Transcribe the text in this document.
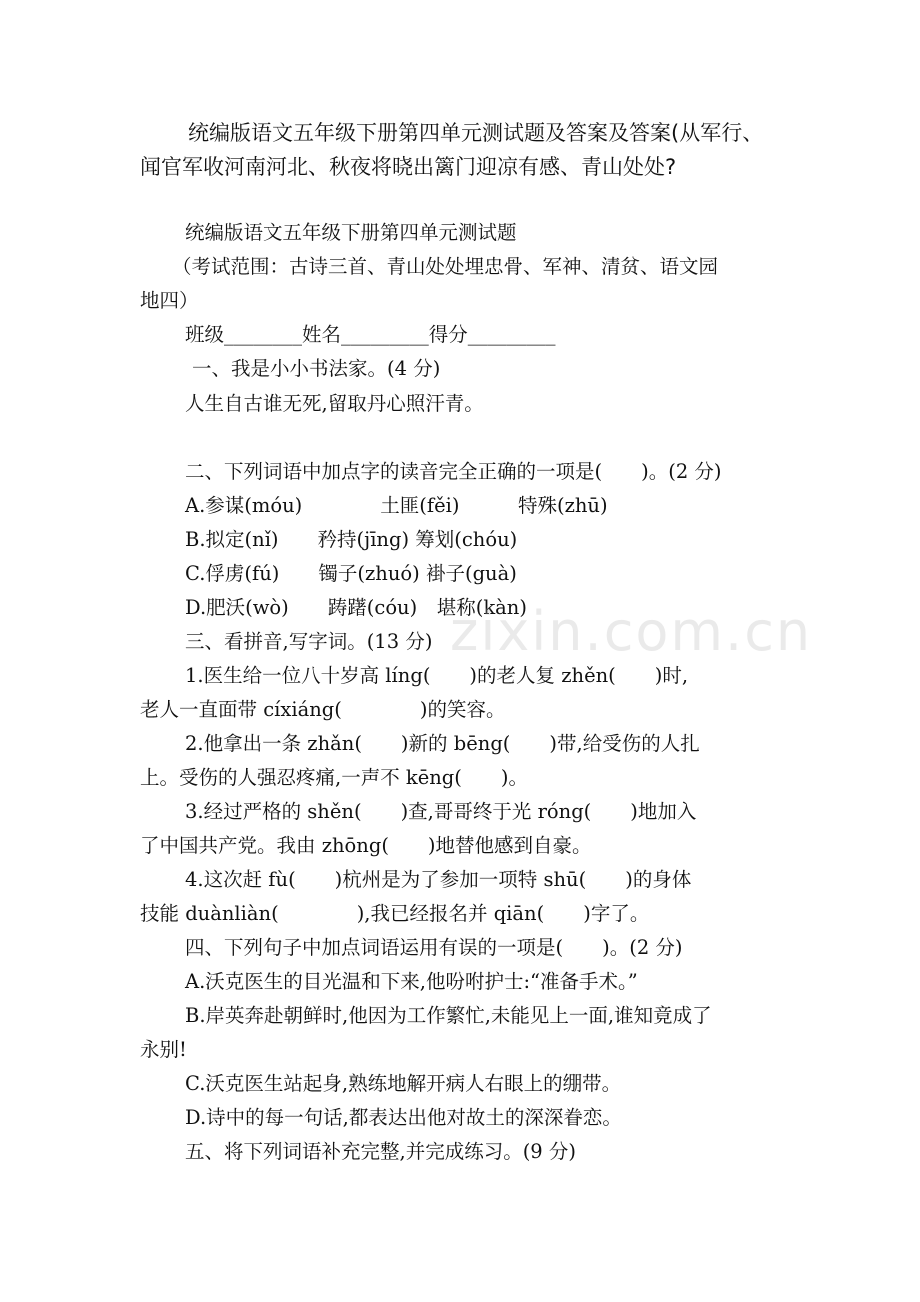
统编版语文五年级下册第四单元测试题及答案及答案(从军行、
闻官军收河南河北、秋夜将晓出篱门迎凉有感、青山处处?
统编版语文五年级下册第四单元测试题
（考试范围：古诗三首、青山处处埋忠骨、军神、清贫、语文园
地四）
班级________姓名_________得分_________
一、我是小小书法家。(4 分)
人生自古谁无死,留取丹心照汗青。
二、下列词语中加点字的读音完全正确的一项是(　　)。(2 分)
A.参谋(móu)　　　　土匪(fěi)　　　特殊(zhū)
B.拟定(nǐ)　　矜持(jīng) 筹划(chóu)
C.俘虏(fú)　　镯子(zhuó) 褂子(guà)
D.肥沃(wò)　　踌躇(cóu)　堪称(kàn)
三、看拼音,写字词。(13 分)
1.医生给一位八十岁高 líng(　　)的老人复 zhěn(　　)时,
老人一直面带 cíxiáng(　　　　)的笑容。
2.他拿出一条 zhǎn(　　)新的 bēng(　　)带,给受伤的人扎
上。受伤的人强忍疼痛,一声不 kēng(　　)。
3.经过严格的 shěn(　　)查,哥哥终于光 róng(　　)地加入
了中国共产党。我由 zhōng(　　)地替他感到自豪。
4.这次赶 fù(　　)杭州是为了参加一项特 shū(　　)的身体
技能 duànliàn(　　　　),我已经报名并 qiān(　　)字了。
四、下列句子中加点词语运用有误的一项是(　　)。(2 分)
A.沃克医生的目光温和下来,他吩咐护士:“准备手术。”
B.岸英奔赴朝鲜时,他因为工作繁忙,未能见上一面,谁知竟成了
永别!
C.沃克医生站起身,熟练地解开病人右眼上的绷带。
D.诗中的每一句话,都表达出他对故土的深深眷恋。
五、将下列词语补充完整,并完成练习。(9 分)
zixin.com.cn
